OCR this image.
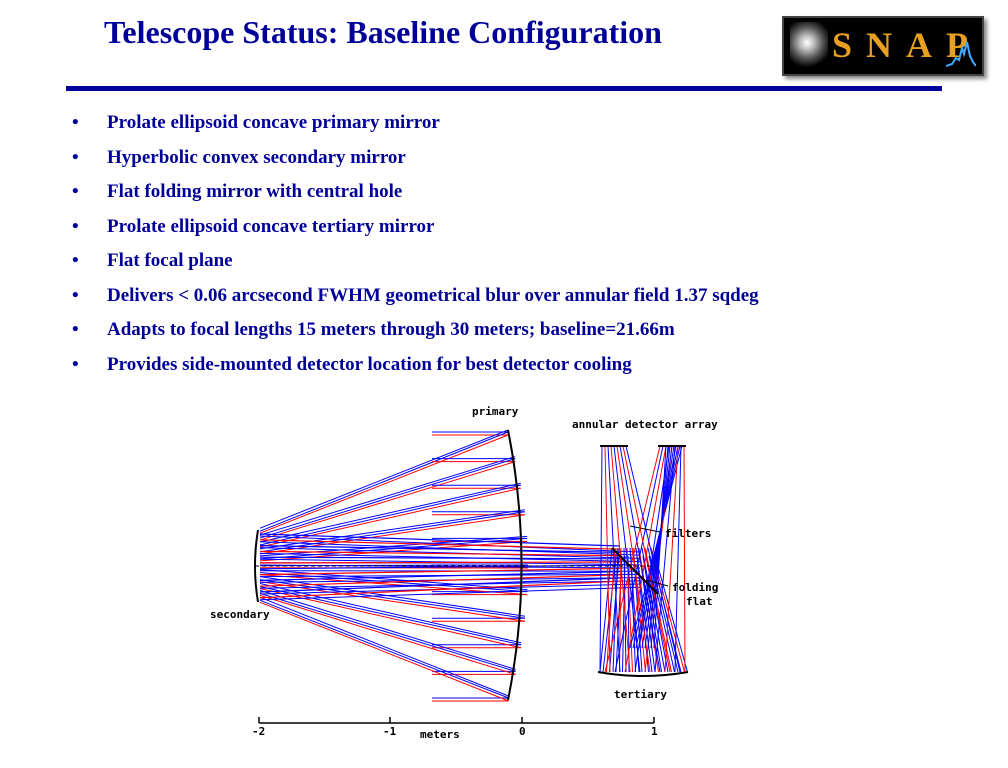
Telescope Status: Baseline Configuration	SNAP
• Prolate ellipsoid concave primary mirror
• Hyperbolic convex secondary mirror
• Flat folding mirror with central hole
• Prolate ellipsoid concave tertiary mirror
• Flat focal plane
• Delivers < 0.06 arcsecond FWHM geometrical blur over annular field 1.37 sqdeg
• Adapts to focal lengths 15 meters through 30 meters; baseline=21.66m
• Provides side-mounted detector location for best detector cooling
primary
annular detector array
filters
folding
flat
secondary
tertiary
-2	-1	0	1
meters
